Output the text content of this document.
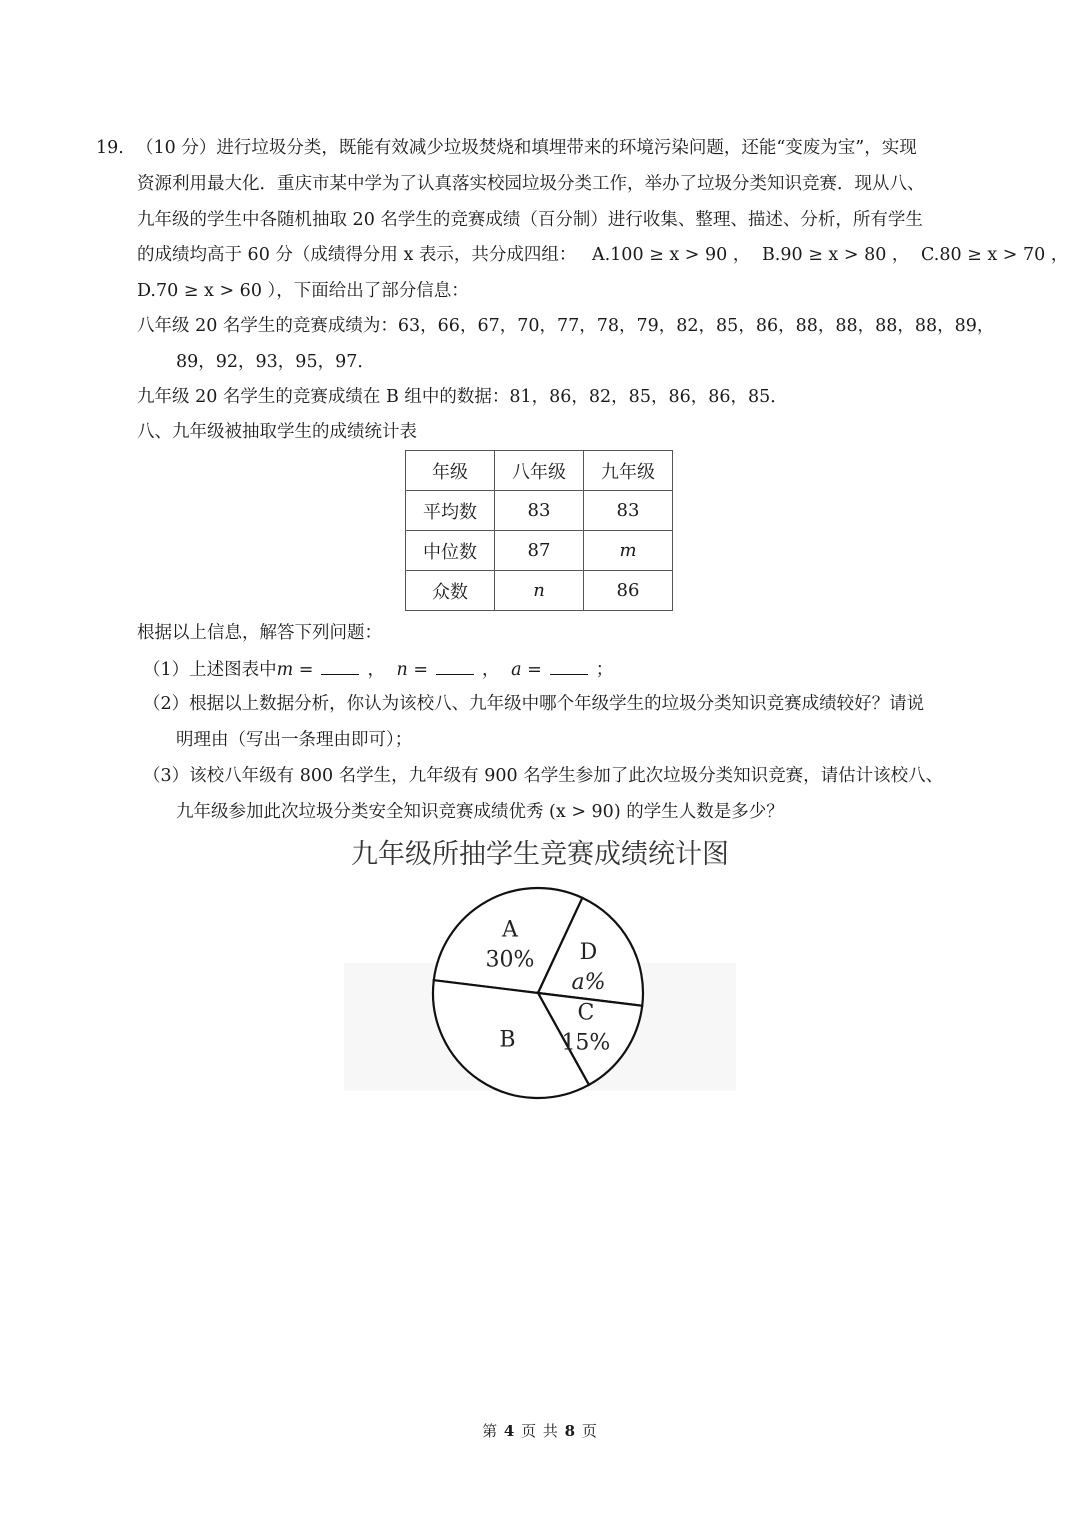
19. （10 分）进行垃圾分类，既能有效减少垃圾焚烧和填埋带来的环境污染问题，还能“变废为宝”，实现
资源利用最大化．重庆市某中学为了认真落实校园垃圾分类工作，举办了垃圾分类知识竞赛．现从八、
九年级的学生中各随机抽取 20 名学生的竞赛成绩（百分制）进行收集、整理、描述、分析，所有学生
的成绩均高于 60 分（成绩得分用 x 表示，共分成四组： A.100 ≥ x > 90 ， B.90 ≥ x > 80 ， C.80 ≥ x > 70 ，
D.70 ≥ x > 60 ），下面给出了部分信息：
八年级 20 名学生的竞赛成绩为：63，66，67，70，77，78，79，82，85，86，88，88，88，88，89，
89，92，93，95，97．
九年级 20 名学生的竞赛成绩在 B 组中的数据：81，86，82，85，86，86，85．
八、九年级被抽取学生的成绩统计表
年级	八年级	九年级
平均数	83	83
中位数	87	m
众数	n	86
根据以上信息，解答下列问题：
（1）上述图表中m =	， n =	， a =	；
（2）根据以上数据分析，你认为该校八、九年级中哪个年级学生的垃圾分类知识竞赛成绩较好？请说
明理由（写出一条理由即可）；
（3）该校八年级有 800 名学生，九年级有 900 名学生参加了此次垃圾分类知识竞赛，请估计该校八、
九年级参加此次垃圾分类安全知识竞赛成绩优秀 (x > 90) 的学生人数是多少？
九年级所抽学生竞赛成绩统计图
A
30% D
a%
C
15%
B
第 4 页 共 8 页
